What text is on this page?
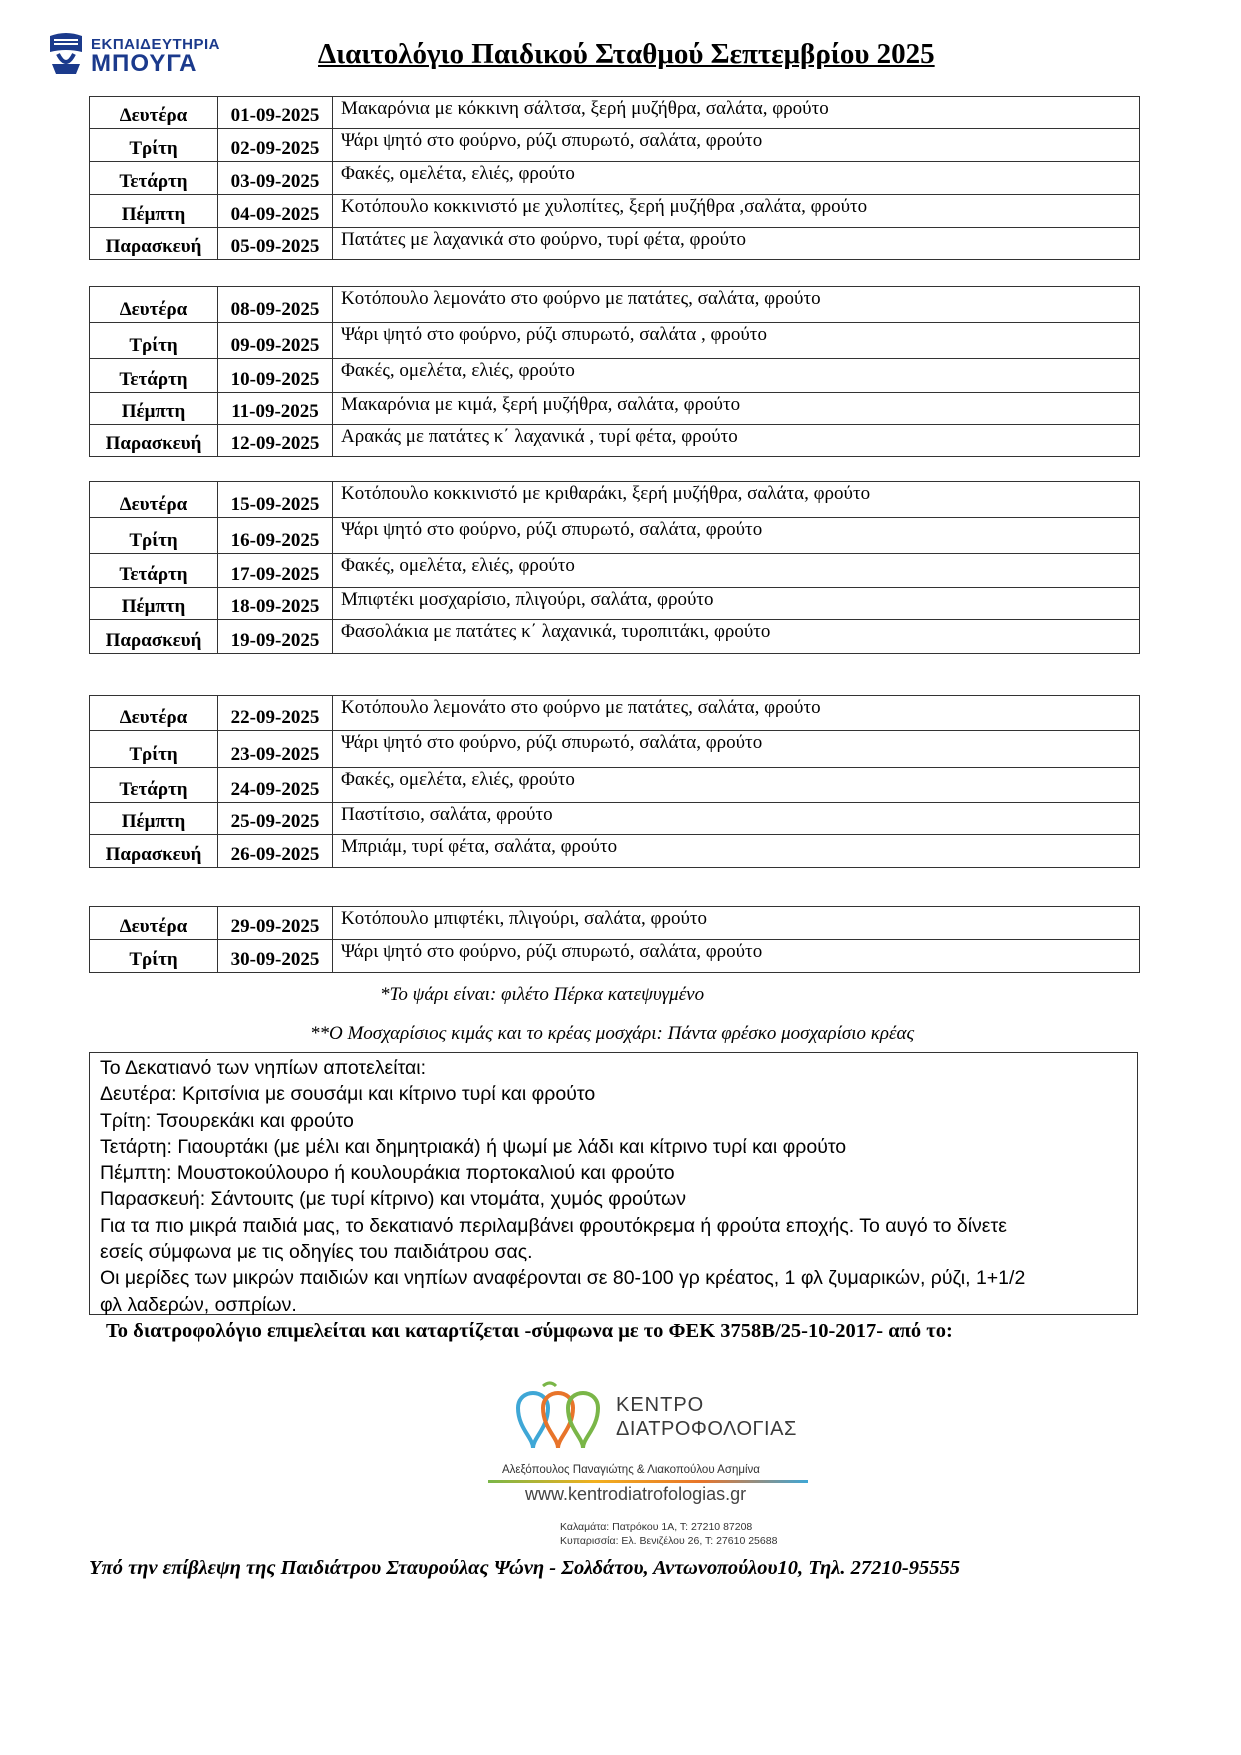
ΕΚΠΑΙΔΕΥΤΗΡΙΑ
ΜΠΟΥΓΑ	Διαιτολόγιο Παιδικού Σταθμού Σεπτεμβρίου 2025
Δευτέρα	01-09-2025	Μακαρόνια με κόκκινη σάλτσα, ξερή μυζήθρα, σαλάτα, φρούτο
Τρίτη	02-09-2025	Ψάρι ψητό στο φούρνο, ρύζι σπυρωτό, σαλάτα, φρούτο
Τετάρτη	03-09-2025	Φακές, ομελέτα, ελιές, φρούτο
Πέμπτη	04-09-2025	Κοτόπουλο κοκκινιστό με χυλοπίτες, ξερή μυζήθρα ,σαλάτα, φρούτο
Παρασκευή	05-09-2025	Πατάτες με λαχανικά στο φούρνο, τυρί φέτα, φρούτο
Δευτέρα	08-09-2025	Κοτόπουλο λεμονάτο στο φούρνο με πατάτες, σαλάτα, φρούτο
Τρίτη	09-09-2025	Ψάρι ψητό στο φούρνο, ρύζι σπυρωτό, σαλάτα , φρούτο
Τετάρτη	10-09-2025	Φακές, ομελέτα, ελιές, φρούτο
Πέμπτη	11-09-2025	Μακαρόνια με κιμά, ξερή μυζήθρα, σαλάτα, φρούτο
Παρασκευή	12-09-2025	Αρακάς με πατάτες κ΄ λαχανικά , τυρί φέτα, φρούτο
Δευτέρα	15-09-2025	Κοτόπουλο κοκκινιστό με κριθαράκι, ξερή μυζήθρα, σαλάτα, φρούτο
Τρίτη	16-09-2025	Ψάρι ψητό στο φούρνο, ρύζι σπυρωτό, σαλάτα, φρούτο
Τετάρτη	17-09-2025	Φακές, ομελέτα, ελιές, φρούτο
Πέμπτη	18-09-2025	Μπιφτέκι μοσχαρίσιο, πλιγούρι, σαλάτα, φρούτο
Παρασκευή	19-09-2025	Φασολάκια με πατάτες κ΄ λαχανικά, τυροπιτάκι, φρούτο
Δευτέρα	22-09-2025	Κοτόπουλο λεμονάτο στο φούρνο με πατάτες, σαλάτα, φρούτο
Τρίτη	23-09-2025	Ψάρι ψητό στο φούρνο, ρύζι σπυρωτό, σαλάτα, φρούτο
Τετάρτη	24-09-2025	Φακές, ομελέτα, ελιές, φρούτο
Πέμπτη	25-09-2025	Παστίτσιο, σαλάτα, φρούτο
Παρασκευή	26-09-2025	Μπριάμ, τυρί φέτα, σαλάτα, φρούτο
Δευτέρα	29-09-2025	Κοτόπουλο μπιφτέκι, πλιγούρι, σαλάτα, φρούτο
Τρίτη	30-09-2025	Ψάρι ψητό στο φούρνο, ρύζι σπυρωτό, σαλάτα, φρούτο
*Το ψάρι είναι: φιλέτο Πέρκα κατεψυγμένο
**Ο Μοσχαρίσιος κιμάς και το κρέας μοσχάρι: Πάντα φρέσκο μοσχαρίσιο κρέας
Το Δεκατιανό των νηπίων αποτελείται:
Δευτέρα: Κριτσίνια με σουσάμι και κίτρινο τυρί και φρούτο
Τρίτη: Τσουρεκάκι και φρούτο
Τετάρτη: Γιαουρτάκι (με μέλι και δημητριακά) ή ψωμί με λάδι και κίτρινο τυρί και φρούτο
Πέμπτη: Μουστοκούλουρο ή κουλουράκια πορτοκαλιού και φρούτο
Παρασκευή: Σάντουιτς (με τυρί κίτρινο) και ντομάτα, χυμός φρούτων
Για τα πιο μικρά παιδιά μας, το δεκατιανό περιλαμβάνει φρουτόκρεμα ή φρούτα εποχής. Το αυγό το δίνετε
εσείς σύμφωνα με τις οδηγίες του παιδιάτρου σας.
Οι μερίδες των μικρών παιδιών και νηπίων αναφέρονται σε 80-100 γρ κρέατος, 1 φλ ζυμαρικών, ρύζι, 1+1/2
φλ λαδερών, οσπρίων.
Το διατροφολόγιο επιμελείται και καταρτίζεται -σύμφωνα με το ΦΕΚ 3758Β/25-10-2017- από το:
ΚΕΝΤΡΟ
ΔΙΑΤΡΟΦΟΛΟΓΙΑΣ
Αλεξόπουλος Παναγιώτης & Λιακοπούλου Ασημίνα
www.kentrodiatrofologias.gr
Καλαμάτα: Πατρόκου 1Α, Τ: 27210 87208
Κυπαρισσία: Ελ. Βενιζέλου 26, Τ: 27610 25688
Υπό την επίβλεψη της Παιδιάτρου Σταυρούλας Ψώνη - Σολδάτου, Αντωνοπούλου10, Τηλ. 27210-95555
